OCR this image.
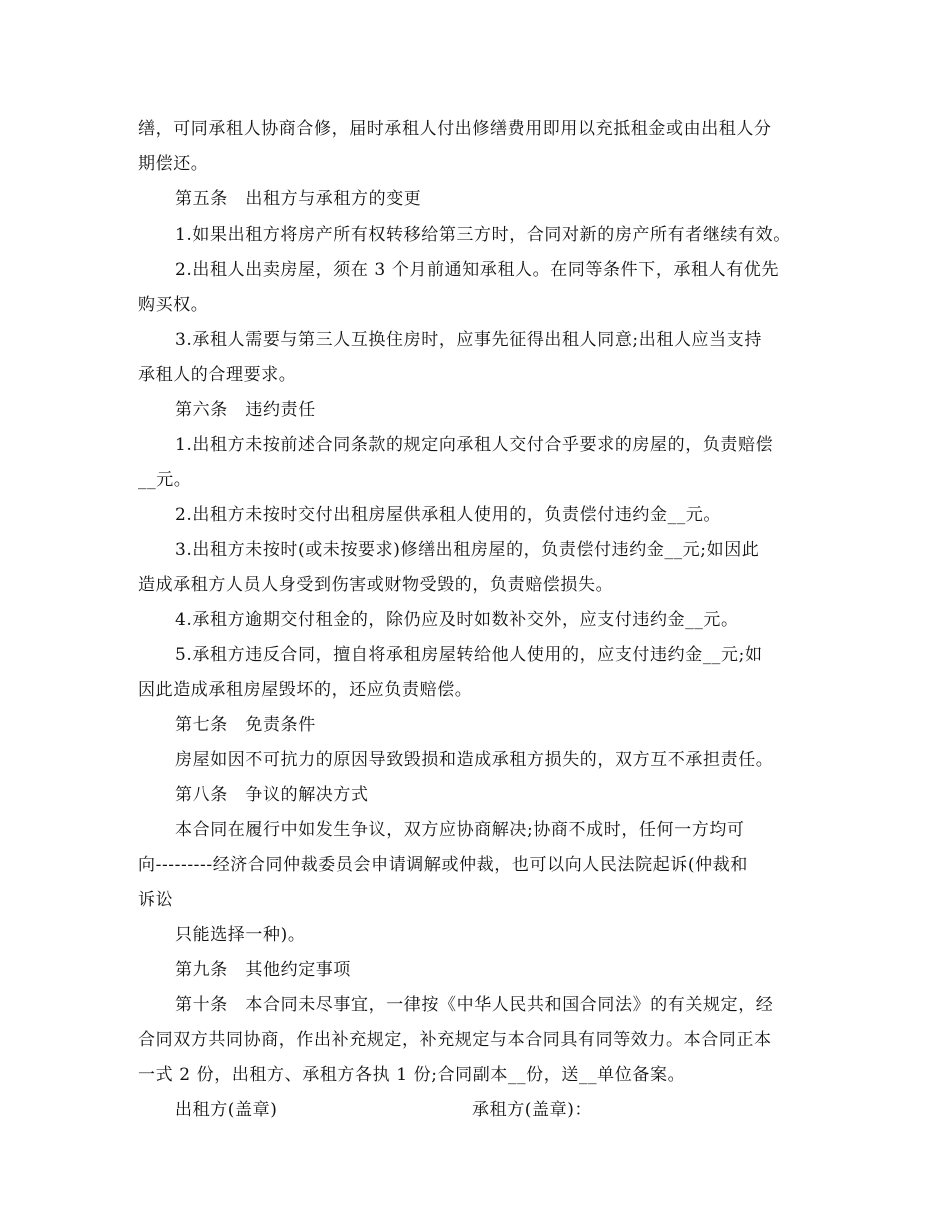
缮，可同承租人协商合修，届时承租人付出修缮费用即用以充抵租金或由出租人分
期偿还。
第五条　出租方与承租方的变更
1.如果出租方将房产所有权转移给第三方时，合同对新的房产所有者继续有效。
2.出租人出卖房屋，须在 3 个月前通知承租人。在同等条件下，承租人有优先
购买权。
3.承租人需要与第三人互换住房时，应事先征得出租人同意;出租人应当支持
承租人的合理要求。
第六条　违约责任
1.出租方未按前述合同条款的规定向承租人交付合乎要求的房屋的，负责赔偿
__元。
2.出租方未按时交付出租房屋供承租人使用的，负责偿付违约金__元。
3.出租方未按时(或未按要求)修缮出租房屋的，负责偿付违约金__元;如因此
造成承租方人员人身受到伤害或财物受毁的，负责赔偿损失。
4.承租方逾期交付租金的，除仍应及时如数补交外，应支付违约金__元。
5.承租方违反合同，擅自将承租房屋转给他人使用的，应支付违约金__元;如
因此造成承租房屋毁坏的，还应负责赔偿。
第七条　免责条件
房屋如因不可抗力的原因导致毁损和造成承租方损失的，双方互不承担责任。
第八条　争议的解决方式
本合同在履行中如发生争议，双方应协商解决;协商不成时，任何一方均可
向---------经济合同仲裁委员会申请调解或仲裁，也可以向人民法院起诉(仲裁和
诉讼
只能选择一种)。
第九条　其他约定事项
第十条　本合同未尽事宜，一律按《中华人民共和国合同法》的有关规定，经
合同双方共同协商，作出补充规定，补充规定与本合同具有同等效力。本合同正本
一式 2 份，出租方、承租方各执 1 份;合同副本__份，送__单位备案。
出租方(盖章)	承租方(盖章)：
